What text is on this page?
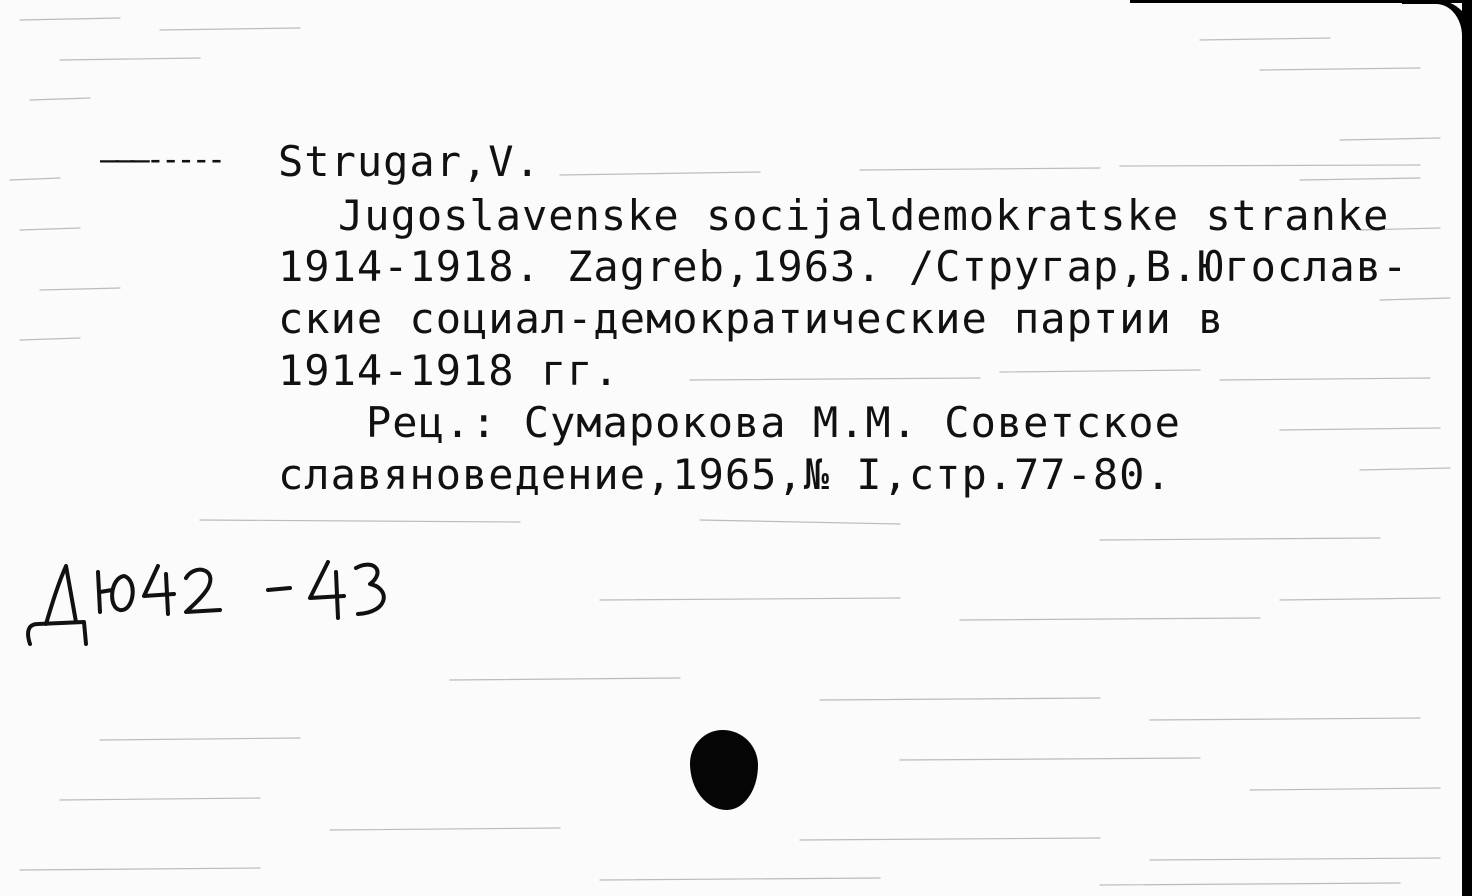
———----- Strugar,V.
Jugoslavenske socijaldemokratske stranke
1914-1918. Zagreb,1963. /Стругар,В.Югослав-
ские социал-демократические партии в
1914-1918 гг.
Рец.: Сумарокова М.М. Советское
славяноведение,1965,№ I,стр.77-80.
